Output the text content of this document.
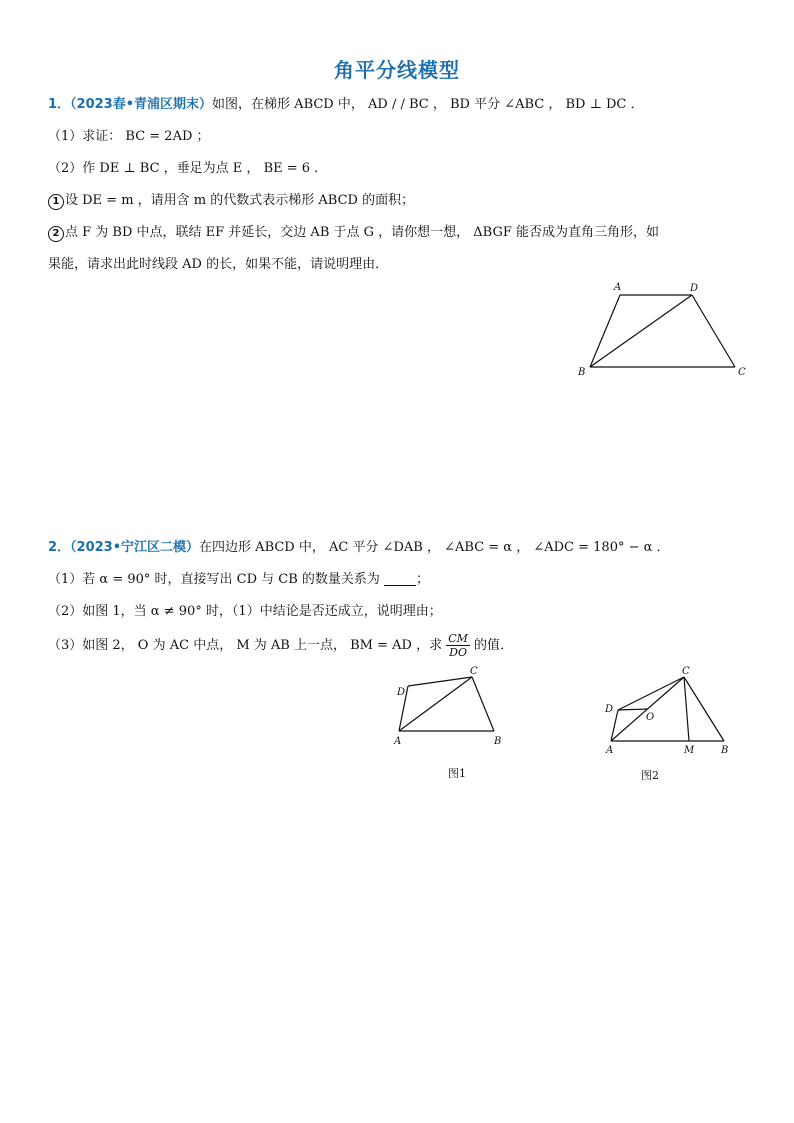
角平分线模型
1．（2023春•青浦区期末）如图，在梯形 ABCD 中， AD / / BC ， BD 平分 ∠ABC ， BD ⊥ DC ．
（1）求证： BC = 2AD ；
（2）作 DE ⊥ BC ，垂足为点 E ， BE = 6 ．
1 设 DE = m ，请用含 m 的代数式表示梯形 ABCD 的面积；
2 点 F 为 BD 中点，联结 EF 并延长，交边 AB 于点 G ，请你想一想， ΔBGF 能否成为直角三角形，如
果能，请求出此时线段 AD 的长，如果不能，请说明理由．
A	D
B	C
2．（2023•宁江区二模）在四边形 ABCD 中， AC 平分 ∠DAB ， ∠ABC = α ， ∠ADC = 180° − α ．
（1）若 α = 90° 时，直接写出 CD 与 CB 的数量关系为 ；
（2）如图 1，当 α ≠ 90° 时，（1）中结论是否还成立，说明理由；
（3）如图 2， O 为 AC 中点， M 为 AB 上一点， BM = AD ，求 $\frac{CM}{DO}$ 的值．
D
C
A	B
图1
D
C
O
A	M	B
图2
